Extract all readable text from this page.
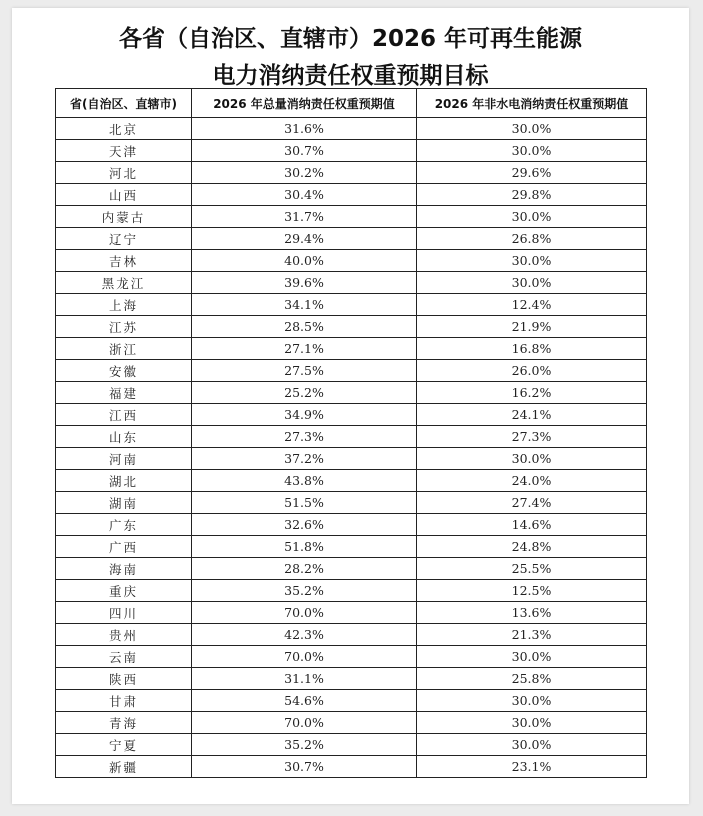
各省（自治区、直辖市）2026 年可再生能源
电力消纳责任权重预期目标
省(自治区、直辖市)	2026 年总量消纳责任权重预期值	2026 年非水电消纳责任权重预期值
北京	31.6%	30.0%
天津	30.7%	30.0%
河北	30.2%	29.6%
山西	30.4%	29.8%
内蒙古	31.7%	30.0%
辽宁	29.4%	26.8%
吉林	40.0%	30.0%
黑龙江	39.6%	30.0%
上海	34.1%	12.4%
江苏	28.5%	21.9%
浙江	27.1%	16.8%
安徽	27.5%	26.0%
福建	25.2%	16.2%
江西	34.9%	24.1%
山东	27.3%	27.3%
河南	37.2%	30.0%
湖北	43.8%	24.0%
湖南	51.5%	27.4%
广东	32.6%	14.6%
广西	51.8%	24.8%
海南	28.2%	25.5%
重庆	35.2%	12.5%
四川	70.0%	13.6%
贵州	42.3%	21.3%
云南	70.0%	30.0%
陕西	31.1%	25.8%
甘肃	54.6%	30.0%
青海	70.0%	30.0%
宁夏	35.2%	30.0%
新疆	30.7%	23.1%
